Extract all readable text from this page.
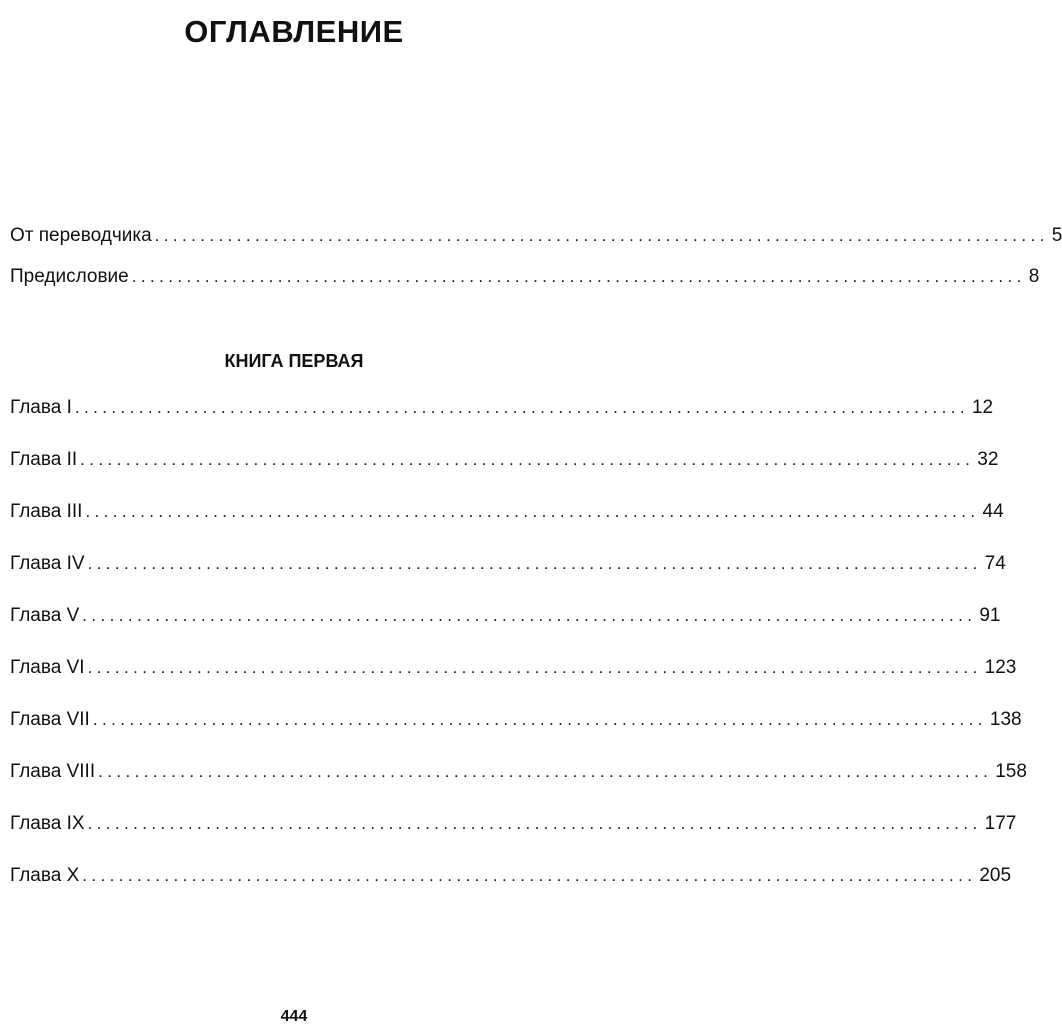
ОГЛАВЛЕНИЕ
От переводчика .................................................................................................. 5
Предисловие .................................................................................................. 8
КНИГА ПЕРВАЯ
Глава I .................................................................................................. 12
Глава II .................................................................................................. 32
Глава III .................................................................................................. 44
Глава IV .................................................................................................. 74
Глава V .................................................................................................. 91
Глава VI .................................................................................................. 123
Глава VII .................................................................................................. 138
Глава VIII .................................................................................................. 158
Глава IX .................................................................................................. 177
Глава X .................................................................................................. 205
444
